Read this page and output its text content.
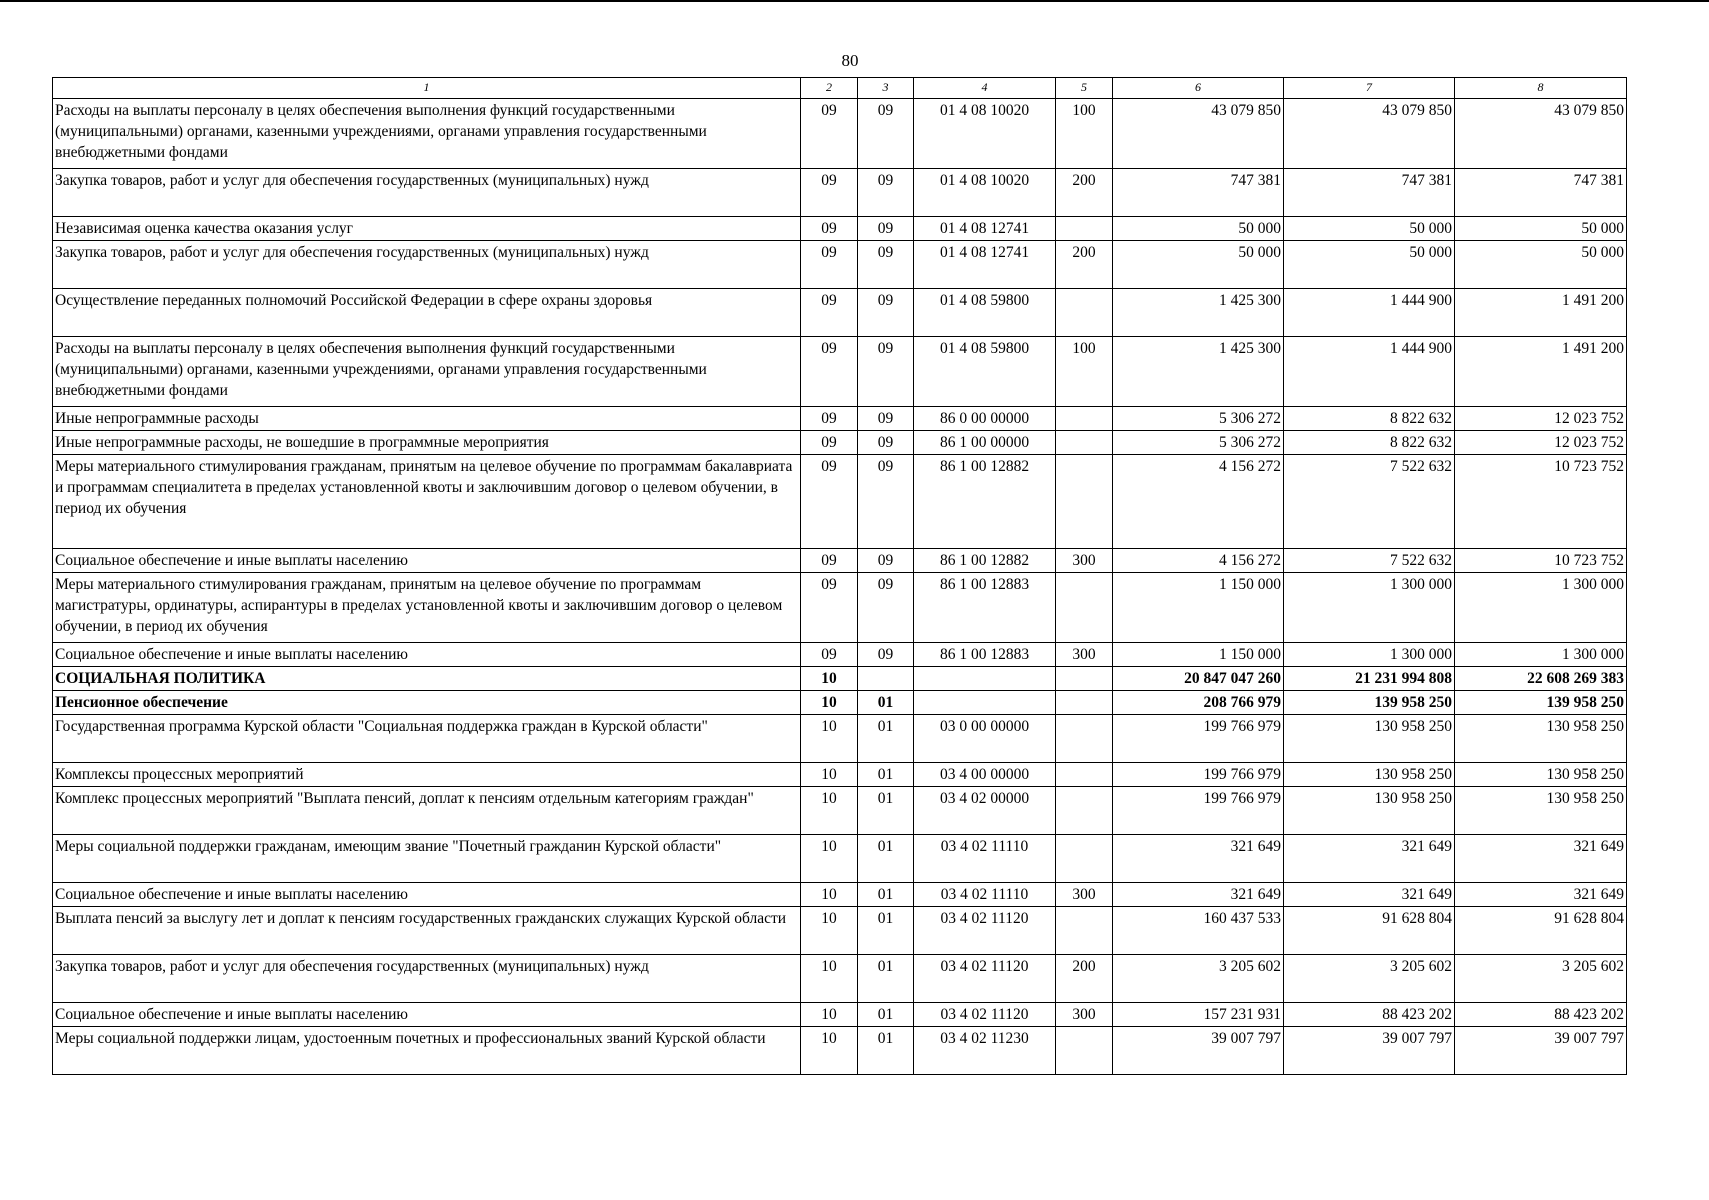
80
1	2	3	4	5	6	7	8
Расходы на выплаты персоналу в целях обеспечения выполнения функций государственными (муниципальными) органами, казенными учреждениями, органами управления государственными внебюджетными фондами	09	09	01 4 08 10020	100	43 079 850	43 079 850	43 079 850
Закупка товаров, работ и услуг для обеспечения государственных (муниципальных) нужд	09	09	01 4 08 10020	200	747 381	747 381	747 381
Независимая оценка качества оказания услуг	09	09	01 4 08 12741		50 000	50 000	50 000
Закупка товаров, работ и услуг для обеспечения государственных (муниципальных) нужд	09	09	01 4 08 12741	200	50 000	50 000	50 000
Осуществление переданных полномочий Российской Федерации в сфере охраны здоровья	09	09	01 4 08 59800		1 425 300	1 444 900	1 491 200
Расходы на выплаты персоналу в целях обеспечения выполнения функций государственными (муниципальными) органами, казенными учреждениями, органами управления государственными внебюджетными фондами	09	09	01 4 08 59800	100	1 425 300	1 444 900	1 491 200
Иные непрограммные расходы	09	09	86 0 00 00000		5 306 272	8 822 632	12 023 752
Иные непрограммные расходы, не вошедшие в программные мероприятия	09	09	86 1 00 00000		5 306 272	8 822 632	12 023 752
Меры материального стимулирования гражданам, принятым на целевое обучение по программам бакалавриата и программам специалитета в пределах установленной квоты и заключившим договор о целевом обучении, в период их обучения	09	09	86 1 00 12882		4 156 272	7 522 632	10 723 752
Социальное обеспечение и иные выплаты населению	09	09	86 1 00 12882	300	4 156 272	7 522 632	10 723 752
Меры материального стимулирования гражданам, принятым на целевое обучение по программам магистратуры, ординатуры, аспирантуры в пределах установленной квоты и заключившим договор о целевом обучении, в период их обучения	09	09	86 1 00 12883		1 150 000	1 300 000	1 300 000
Социальное обеспечение и иные выплаты населению	09	09	86 1 00 12883	300	1 150 000	1 300 000	1 300 000
СОЦИАЛЬНАЯ ПОЛИТИКА	10				20 847 047 260	21 231 994 808	22 608 269 383
Пенсионное обеспечение	10	01			208 766 979	139 958 250	139 958 250
Государственная программа Курской области "Социальная поддержка граждан в Курской области"	10	01	03 0 00 00000		199 766 979	130 958 250	130 958 250
Комплексы процессных мероприятий	10	01	03 4 00 00000		199 766 979	130 958 250	130 958 250
Комплекс процессных мероприятий "Выплата пенсий, доплат к пенсиям отдельным категориям граждан"	10	01	03 4 02 00000		199 766 979	130 958 250	130 958 250
Меры социальной поддержки гражданам, имеющим звание "Почетный гражданин Курской области"	10	01	03 4 02 11110		321 649	321 649	321 649
Социальное обеспечение и иные выплаты населению	10	01	03 4 02 11110	300	321 649	321 649	321 649
Выплата пенсий за выслугу лет и доплат к пенсиям государственных гражданских служащих Курской области	10	01	03 4 02 11120		160 437 533	91 628 804	91 628 804
Закупка товаров, работ и услуг для обеспечения государственных (муниципальных) нужд	10	01	03 4 02 11120	200	3 205 602	3 205 602	3 205 602
Социальное обеспечение и иные выплаты населению	10	01	03 4 02 11120	300	157 231 931	88 423 202	88 423 202
Меры социальной поддержки лицам, удостоенным почетных и профессиональных званий Курской области	10	01	03 4 02 11230		39 007 797	39 007 797	39 007 797
